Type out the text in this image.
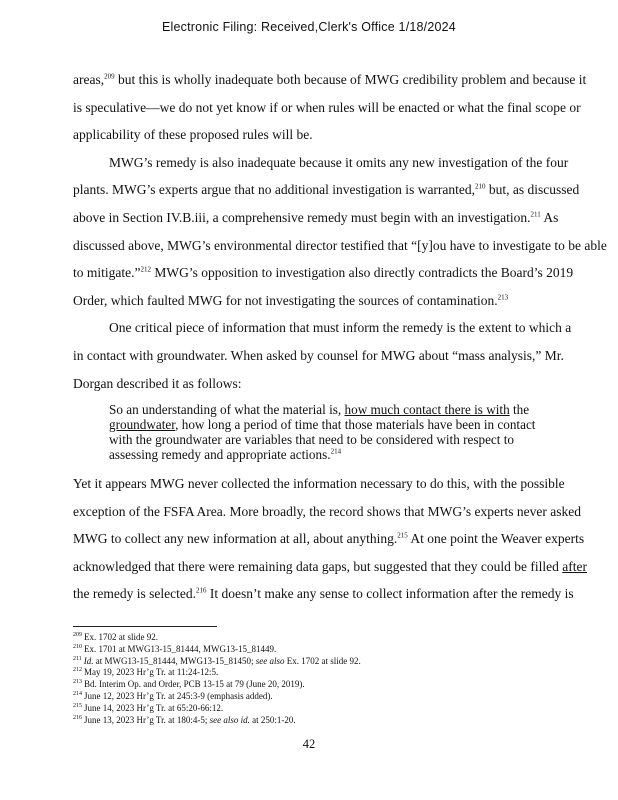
Electronic Filing: Received,Clerk's Office 1/18/2024
areas,$^{209}$ but this is wholly inadequate both because of MWG credibility problem and because it
is speculative—we do not yet know if or when rules will be enacted or what the final scope or
applicability of these proposed rules will be.
MWG’s remedy is also inadequate because it omits any new investigation of the four
plants. MWG’s experts argue that no additional investigation is warranted,$^{210}$ but, as discussed
above in Section IV.B.iii, a comprehensive remedy must begin with an investigation.$^{211}$ As
discussed above, MWG’s environmental director testified that “[y]ou have to investigate to be able
to mitigate.”$^{212}$ MWG’s opposition to investigation also directly contradicts the Board’s 2019
Order, which faulted MWG for not investigating the sources of contamination.$^{213}$
One critical piece of information that must inform the remedy is the extent to which a
in contact with groundwater. When asked by counsel for MWG about “mass analysis,” Mr.
Dorgan described it as follows:
So an understanding of what the material is, how much contact there is with the
groundwater, how long a period of time that those materials have been in contact
with the groundwater are variables that need to be considered with respect to
assessing remedy and appropriate actions.$^{214}$
Yet it appears MWG never collected the information necessary to do this, with the possible
exception of the FSFA Area. More broadly, the record shows that MWG’s experts never asked
MWG to collect any new information at all, about anything.$^{215}$ At one point the Weaver experts
acknowledged that there were remaining data gaps, but suggested that they could be filled after
the remedy is selected.$^{216}$ It doesn’t make any sense to collect information after the remedy is
$^{209}$ Ex. 1702 at slide 92.
$^{210}$ Ex. 1701 at MWG13-15_81444, MWG13-15_81449.
$^{211}$ Id. at MWG13-15_81444, MWG13-15_81450; see also Ex. 1702 at slide 92.
$^{212}$ May 19, 2023 Hr’g Tr. at 11:24-12:5.
$^{213}$ Bd. Interim Op. and Order, PCB 13-15 at 79 (June 20, 2019).
$^{214}$ June 12, 2023 Hr’g Tr. at 245:3-9 (emphasis added).
$^{215}$ June 14, 2023 Hr’g Tr. at 65:20-66:12.
$^{216}$ June 13, 2023 Hr’g Tr. at 180:4-5; see also id. at 250:1-20.
42
